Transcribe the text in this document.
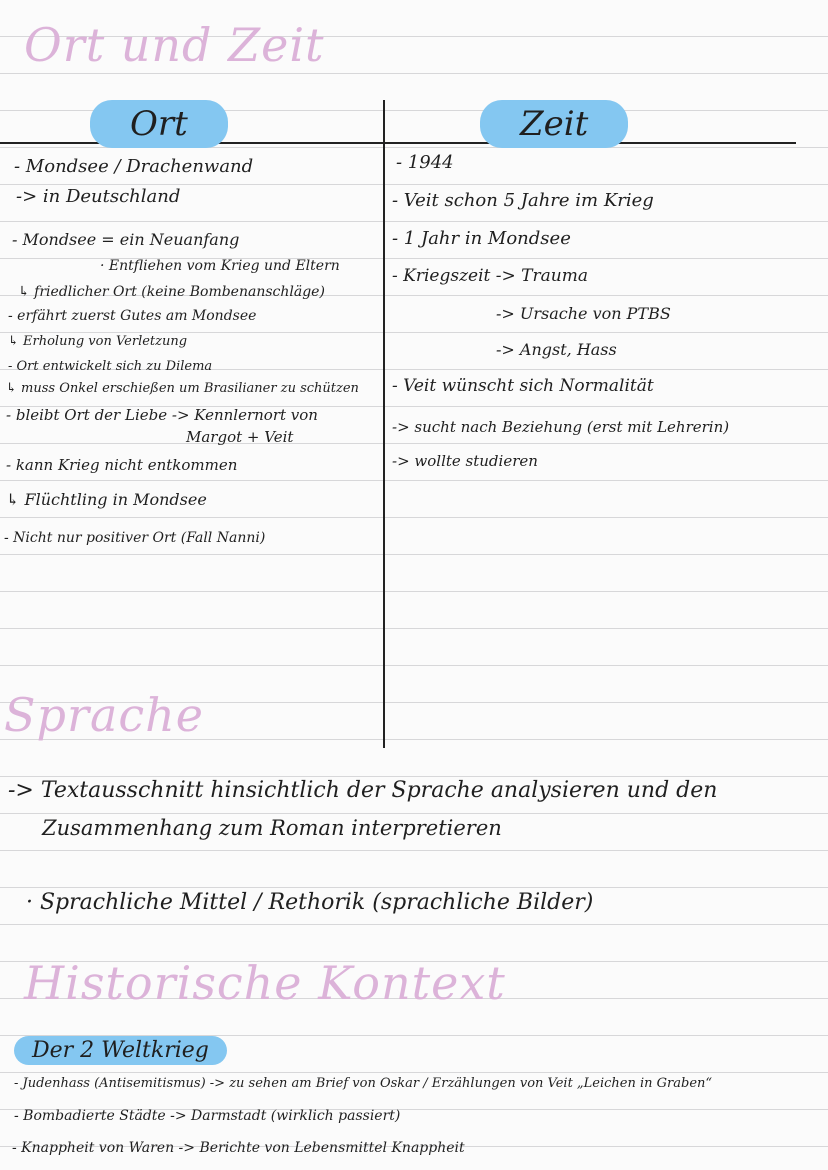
Ort und Zeit
Ort	Zeit
- Mondsee / Drachenwand
-> in Deutschland
- Mondsee = ein Neuanfang
· Entfliehen vom Krieg und Eltern
↳ friedlicher Ort (keine Bombenanschläge)
- erfährt zuerst Gutes am Mondsee
↳ Erholung von Verletzung
- Ort entwickelt sich zu Dilema
↳ muss Onkel erschießen um Brasilianer zu schützen
- bleibt Ort der Liebe -> Kennlernort von
Margot + Veit
- kann Krieg nicht entkommen
↳ Flüchtling in Mondsee
- Nicht nur positiver Ort (Fall Nanni)
- 1944
- Veit schon 5 Jahre im Krieg
- 1 Jahr in Mondsee
- Kriegszeit -> Trauma
-> Ursache von PTBS
-> Angst, Hass
- Veit wünscht sich Normalität
-> sucht nach Beziehung (erst mit Lehrerin)
-> wollte studieren
Sprache
-> Textausschnitt hinsichtlich der Sprache analysieren und den
Zusammenhang zum Roman interpretieren
· Sprachliche Mittel / Rethorik (sprachliche Bilder)
Historische Kontext
Der 2 Weltkrieg
- Judenhass (Antisemitismus) -> zu sehen am Brief von Oskar / Erzählungen von Veit „Leichen in Graben“
- Bombadierte Städte -> Darmstadt (wirklich passiert)
- Knappheit von Waren -> Berichte von Lebensmittel Knappheit
